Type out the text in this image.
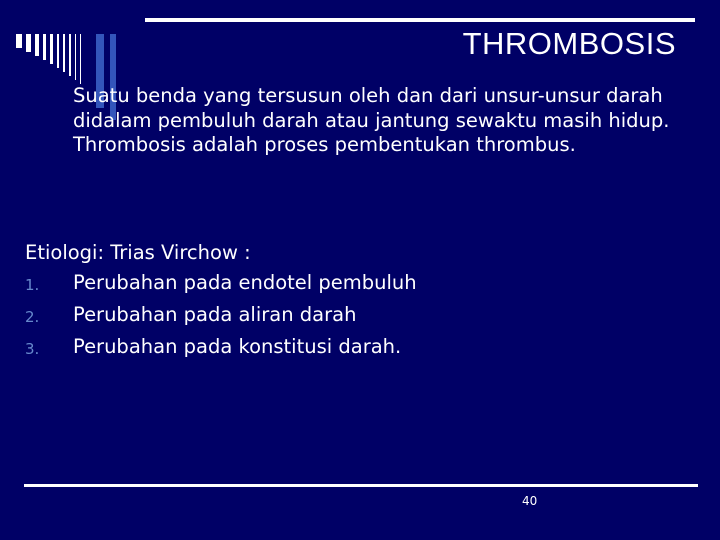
THROMBOSIS

Suatu benda yang tersusun oleh dan dari unsur-unsur darah didalam pembuluh darah atau jantung sewaktu masih hidup. Thrombosis adalah proses pembentukan thrombus.

Etiologi: Trias Virchow :

1.	Perubahan pada endotel pembuluh
2.	Perubahan pada aliran darah
3.	Perubahan pada konstitusi darah.
40
